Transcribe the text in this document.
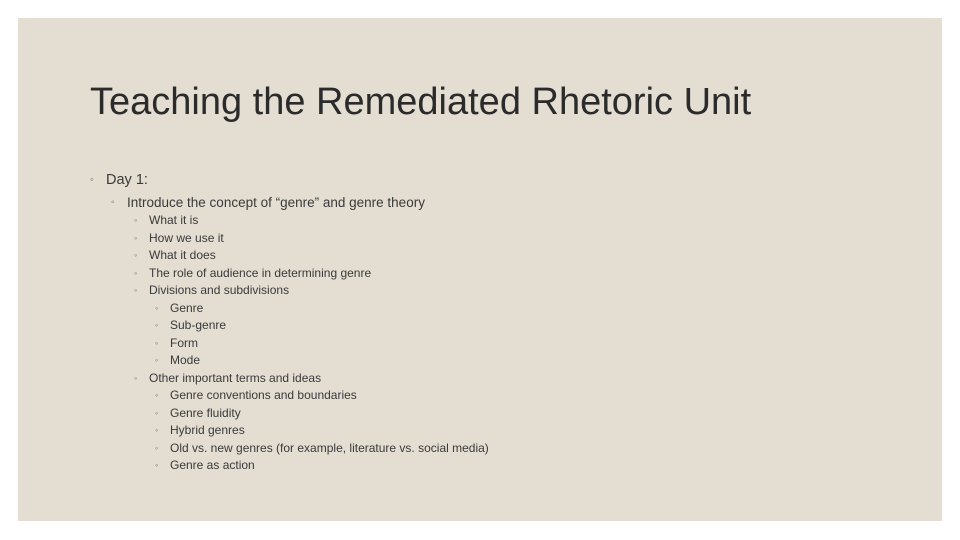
Teaching the Remediated Rhetoric Unit
◦ Day 1:
◦ Introduce the concept of “genre” and genre theory
◦ What it is
◦ How we use it
◦ What it does
◦ The role of audience in determining genre
◦ Divisions and subdivisions
◦ Genre
◦ Sub-genre
◦ Form
◦ Mode
◦ Other important terms and ideas
◦ Genre conventions and boundaries
◦ Genre fluidity
◦ Hybrid genres
◦ Old vs. new genres (for example, literature vs. social media)
◦ Genre as action
